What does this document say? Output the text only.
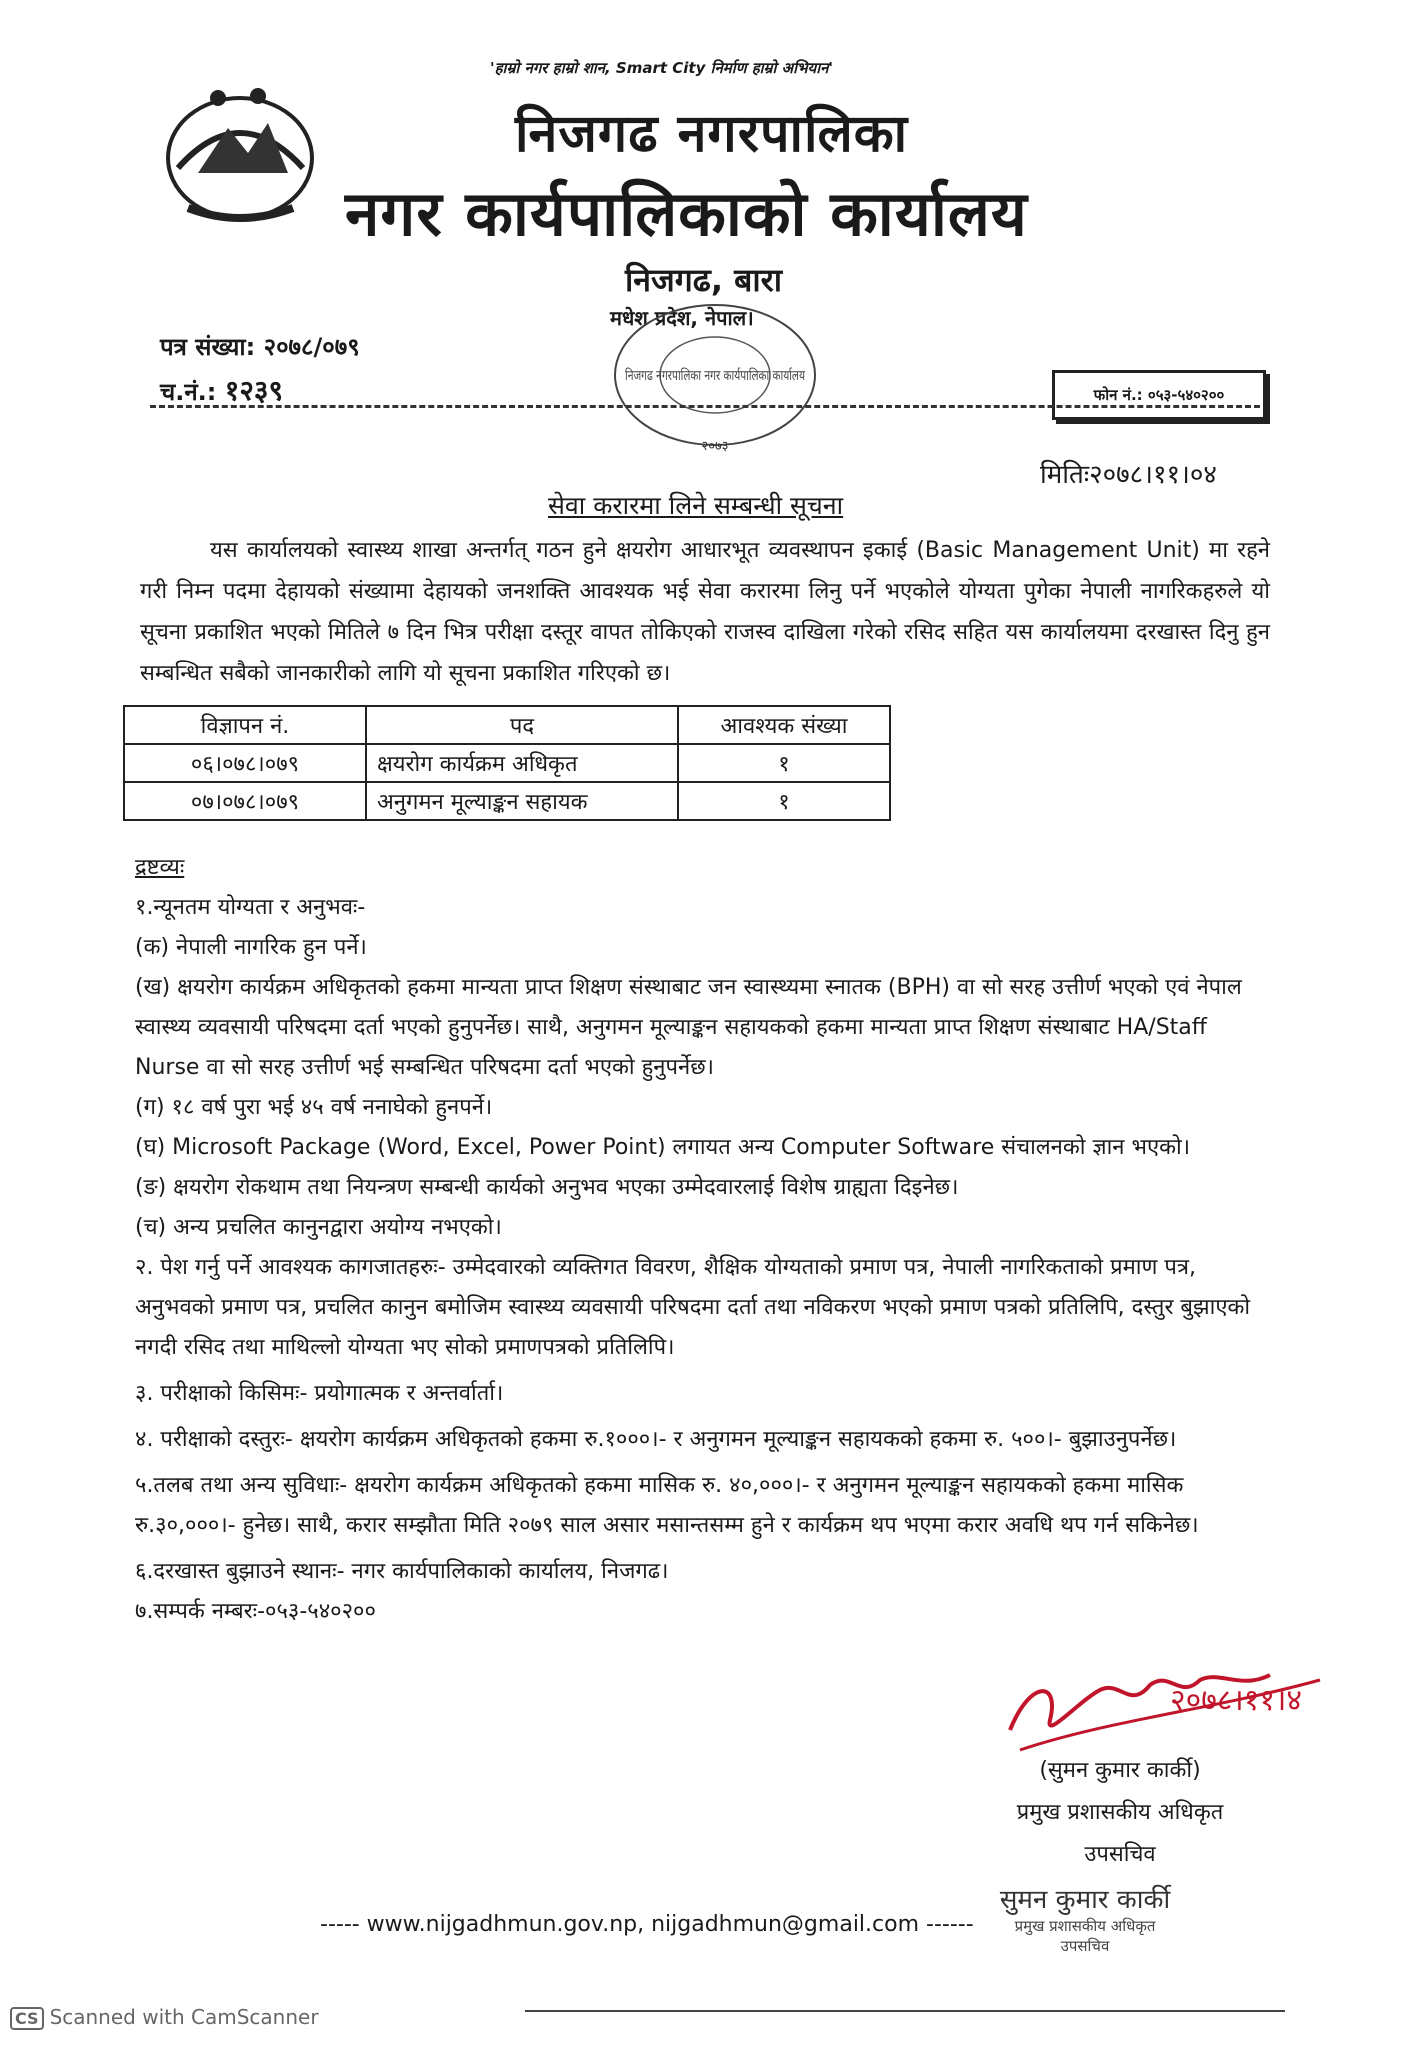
'हाम्रो नगर हाम्रो शान, Smart City निर्माण हाम्रो अभियान'
निजगढ नगरपालिका
नगर कार्यपालिकाको कार्यालय
निजगढ, बारा
मधेश प्रदेश, नेपाल।
निजगढ नगरपालिका नगर कार्यपालिका कार्यालय
२०७३
पत्र संख्या: २०७८/०७९
च.नं.: १२३९	फोन नं.: ०५३-५४०२००
मितिः२०७८।११।०४
सेवा करारमा लिने सम्बन्धी सूचना
यस कार्यालयको स्वास्थ्य शाखा अन्तर्गत् गठन हुने क्षयरोग आधारभूत व्यवस्थापन इकाई (Basic Management Unit) मा रहने गरी निम्न पदमा देहायको संख्यामा देहायको जनशक्ति आवश्यक भई सेवा करारमा लिनु पर्ने भएकोले योग्यता पुगेका नेपाली नागरिकहरुले यो सूचना प्रकाशित भएको मितिले ७ दिन भित्र परीक्षा दस्तूर वापत तोकिएको राजस्व दाखिला गरेको रसिद सहित यस कार्यालयमा दरखास्त दिनु हुन सम्बन्धित सबैको जानकारीको लागि यो सूचना प्रकाशित गरिएको छ।
विज्ञापन नं.	पद	आवश्यक संख्या
०६।०७८।०७९	क्षयरोग कार्यक्रम अधिकृत	१
०७।०७८।०७९	अनुगमन मूल्याङ्कन सहायक	१

द्रष्टव्यः

१.न्यूनतम योग्यता र अनुभवः-

(क) नेपाली नागरिक हुन पर्ने।

(ख) क्षयरोग कार्यक्रम अधिकृतको हकमा मान्यता प्राप्त शिक्षण संस्थाबाट जन स्वास्थ्यमा स्नातक (BPH) वा सो सरह उत्तीर्ण भएको एवं नेपाल स्वास्थ्य व्यवसायी परिषदमा दर्ता भएको हुनुपर्नेछ। साथै, अनुगमन मूल्याङ्कन सहायकको हकमा मान्यता प्राप्त शिक्षण संस्थाबाट HA/Staff Nurse वा सो सरह उत्तीर्ण भई सम्बन्धित परिषदमा दर्ता भएको हुनुपर्नेछ।

(ग) १८ वर्ष पुरा भई ४५ वर्ष ननाघेको हुनपर्ने।

(घ) Microsoft Package (Word, Excel, Power Point) लगायत अन्य Computer Software संचालनको ज्ञान भएको।

(ङ) क्षयरोग रोकथाम तथा नियन्त्रण सम्बन्धी कार्यको अनुभव भएका उम्मेदवारलाई विशेष ग्राह्यता दिइनेछ।

(च) अन्य प्रचलित कानुनद्वारा अयोग्य नभएको।

२. पेश गर्नु पर्ने आवश्यक कागजातहरुः- उम्मेदवारको व्यक्तिगत विवरण, शैक्षिक योग्यताको प्रमाण पत्र, नेपाली नागरिकताको प्रमाण पत्र, अनुभवको प्रमाण पत्र, प्रचलित कानुन बमोजिम स्वास्थ्य व्यवसायी परिषदमा दर्ता तथा नविकरण भएको प्रमाण पत्रको प्रतिलिपि, दस्तुर बुझाएको नगदी रसिद तथा माथिल्लो योग्यता भए सोको प्रमाणपत्रको प्रतिलिपि।

३. परीक्षाको किसिमः- प्रयोगात्मक र अन्तर्वार्ता।

४. परीक्षाको दस्तुरः- क्षयरोग कार्यक्रम अधिकृतको हकमा रु.१०००।- र अनुगमन मूल्याङ्कन सहायकको हकमा रु. ५००।- बुझाउनुपर्नेछ।

५.तलब तथा अन्य सुविधाः- क्षयरोग कार्यक्रम अधिकृतको हकमा मासिक रु. ४०,०००।- र अनुगमन मूल्याङ्कन सहायकको हकमा मासिक रु.३०,०००।- हुनेछ। साथै, करार सम्झौता मिति २०७९ साल असार मसान्तसम्म हुने र कार्यक्रम थप भएमा करार अवधि थप गर्न सकिनेछ।

६.दरखास्त बुझाउने स्थानः- नगर कार्यपालिकाको कार्यालय, निजगढ।

७.सम्पर्क नम्बरः-०५३-५४०२००

२०७८।११।४
(सुमन कुमार कार्की)
प्रमुख प्रशासकीय अधिकृत
उपसचिव
सुमन कुमार कार्की
प्रमुख प्रशासकीय अधिकृत
उपसचिव
----- www.nijgadhmun.gov.np, nijgadhmun@gmail.com ------
CS Scanned with CamScanner
